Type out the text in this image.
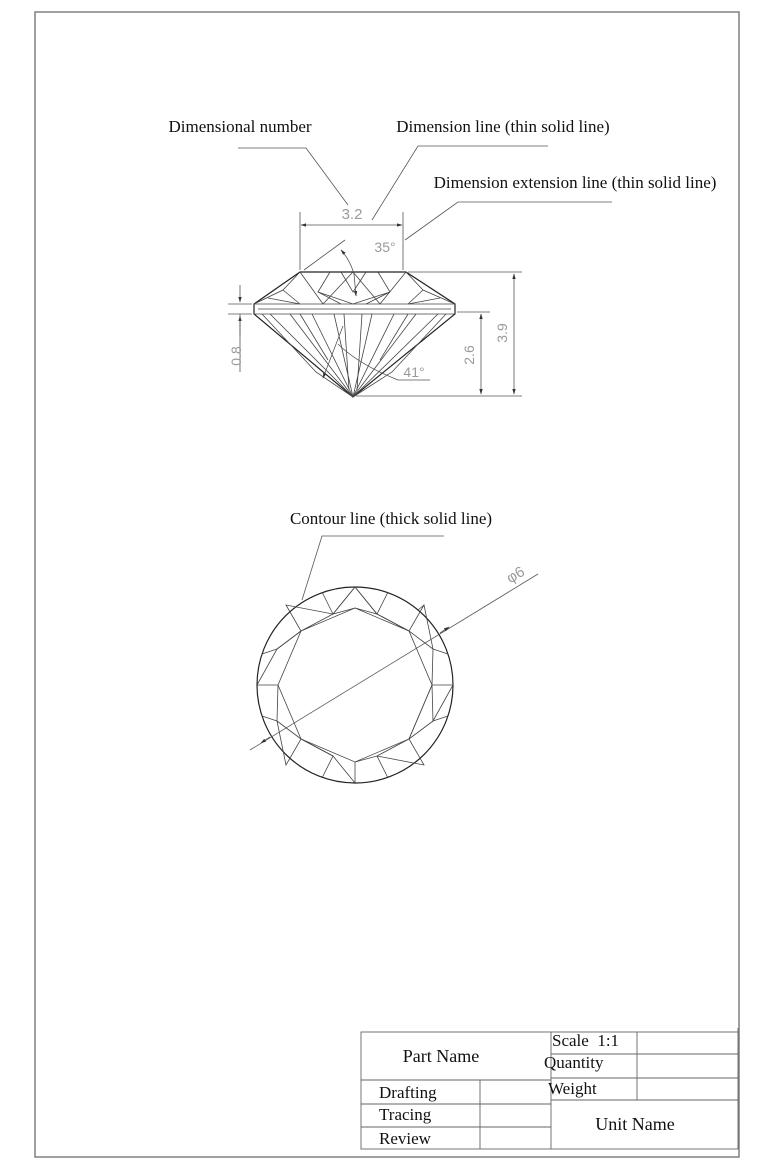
3.2
35°
41°
0.8	2.6
3.9
Dimensional number	Dimension line (thin solid line)
Dimension extension line (thin solid line)
φ6
Contour line (thick solid line)
Part Name
Scale  1:1
Quantity
Weight
Drafting
Tracing
Review
Unit Name
